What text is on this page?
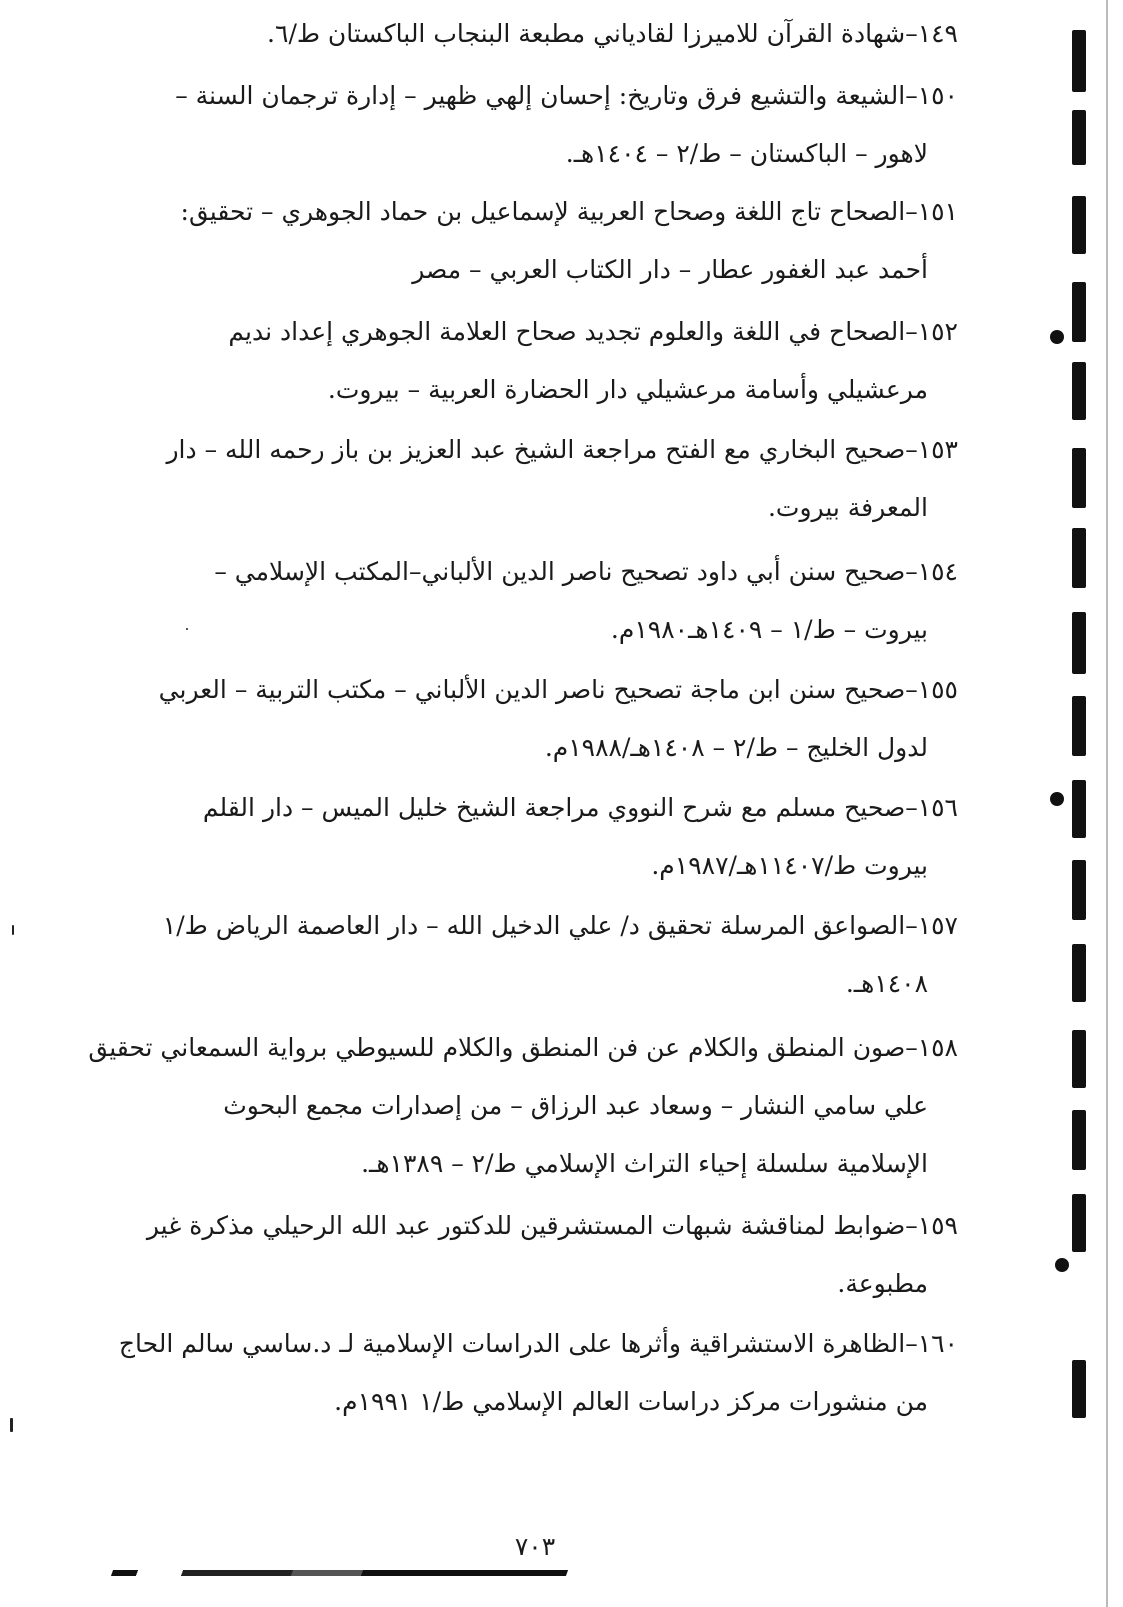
١٤٩–شهادة القرآن للاميرزا لقادياني مطبعة البنجاب الباكستان ط/٦.
١٥٠–الشيعة والتشيع فرق وتاريخ: إحسان إلهي ظهير – إدارة ترجمان السنة –
لاهور – الباكستان – ط/٢ – ١٤٠٤هـ.
١٥١–الصحاح تاج اللغة وصحاح العربية لإسماعيل بن حماد الجوهري – تحقيق:
أحمد عبد الغفور عطار – دار الكتاب العربي – مصر
١٥٢–الصحاح في اللغة والعلوم تجديد صحاح العلامة الجوهري إعداد نديم
مرعشيلي وأسامة مرعشيلي دار الحضارة العربية – بيروت.
١٥٣–صحيح البخاري مع الفتح مراجعة الشيخ عبد العزيز بن باز رحمه الله – دار
المعرفة بيروت.
١٥٤–صحيح سنن أبي داود تصحيح ناصر الدين الألباني–المكتب الإسلامي –
بيروت – ط/١ – ١٤٠٩هـ١٩٨٠م.
١٥٥–صحيح سنن ابن ماجة تصحيح ناصر الدين الألباني – مكتب التربية – العربي
لدول الخليج – ط/٢ – ١٤٠٨هـ/١٩٨٨م.
١٥٦–صحيح مسلم مع شرح النووي مراجعة الشيخ خليل الميس – دار القلم
بيروت ط/١١٤٠٧هـ/١٩٨٧م.
١٥٧–الصواعق المرسلة تحقيق د/ علي الدخيل الله – دار العاصمة الرياض ط/١
١٤٠٨هـ.
١٥٨–صون المنطق والكلام عن فن المنطق والكلام للسيوطي برواية السمعاني تحقيق
علي سامي النشار – وسعاد عبد الرزاق – من إصدارات مجمع البحوث
الإسلامية سلسلة إحياء التراث الإسلامي ط/٢ – ١٣٨٩هـ.
١٥٩–ضوابط لمناقشة شبهات المستشرقين للدكتور عبد الله الرحيلي مذكرة غير
مطبوعة.
١٦٠–الظاهرة الاستشراقية وأثرها على الدراسات الإسلامية لـ د.ساسي سالم الحاج
من منشورات مركز دراسات العالم الإسلامي ط/١ ١٩٩١م.
٧٠٣
